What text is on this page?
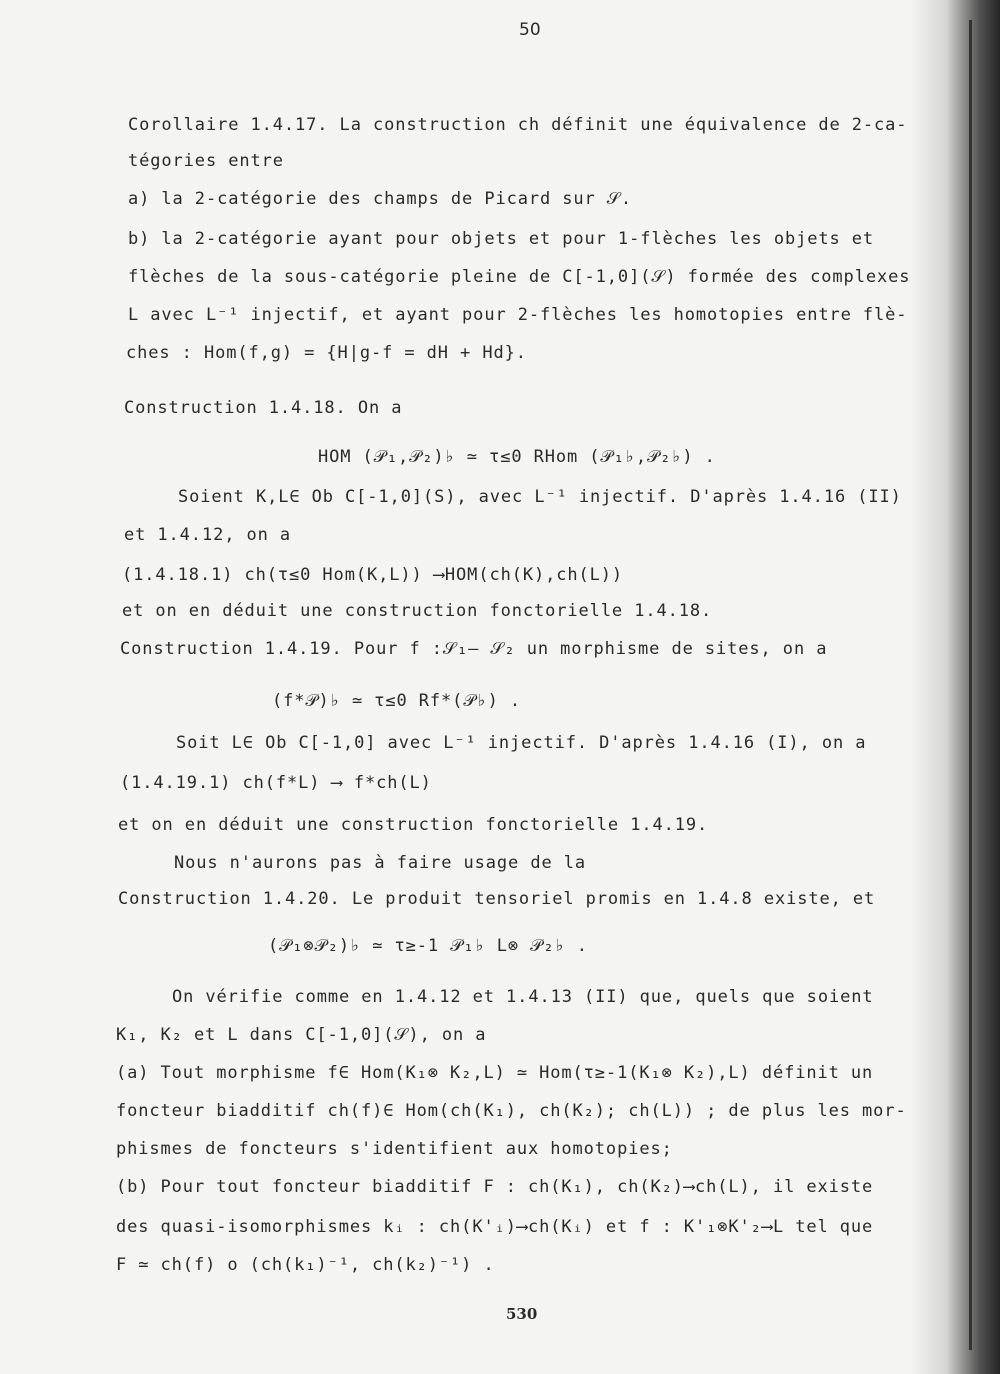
50
Corollaire 1.4.17. La construction ch définit une équivalence de 2-ca-
tégories entre
a) la 2-catégorie des champs de Picard sur 𝒮.
b) la 2-catégorie ayant pour objets et pour 1-flèches les objets et
flèches de la sous-catégorie pleine de C[-1,0](𝒮) formée des complexes
L avec L⁻¹ injectif, et ayant pour 2-flèches les homotopies entre flè-
ches : Hom(f,g) = {H|g-f = dH + Hd}.
Construction 1.4.18. On a
HOM (𝒫₁,𝒫₂)♭ ≃ τ≤0 RHom (𝒫₁♭,𝒫₂♭) .
Soient K,L∈ Ob C[-1,0](S), avec L⁻¹ injectif. D'après 1.4.16 (II)
et 1.4.12, on a
(1.4.18.1) ch(τ≤0 Hom(K,L)) ⟶HOM(ch(K),ch(L))
et on en déduit une construction fonctorielle 1.4.18.
Construction 1.4.19. Pour f :𝒮₁— 𝒮₂ un morphisme de sites, on a
(f*𝒫)♭ ≃ τ≤0 Rf*(𝒫♭) .
Soit L∈ Ob C[-1,0] avec L⁻¹ injectif. D'après 1.4.16 (I), on a
(1.4.19.1) ch(f*L) ⟶ f*ch(L)
et on en déduit une construction fonctorielle 1.4.19.
Nous n'aurons pas à faire usage de la
Construction 1.4.20. Le produit tensoriel promis en 1.4.8 existe, et
(𝒫₁⊗𝒫₂)♭ ≃ τ≥-1 𝒫₁♭ L⊗ 𝒫₂♭ .
On vérifie comme en 1.4.12 et 1.4.13 (II) que, quels que soient
K₁, K₂ et L dans C[-1,0](𝒮), on a
(a) Tout morphisme f∈ Hom(K₁⊗ K₂,L) ≃ Hom(τ≥-1(K₁⊗ K₂),L) définit un
foncteur biadditif ch(f)∈ Hom(ch(K₁), ch(K₂); ch(L)) ; de plus les mor-
phismes de foncteurs s'identifient aux homotopies;
(b) Pour tout foncteur biadditif F : ch(K₁), ch(K₂)⟶ch(L), il existe
des quasi-isomorphismes kᵢ : ch(K'ᵢ)⟶ch(Kᵢ) et f : K'₁⊗K'₂⟶L tel que
F ≃ ch(f) o (ch(k₁)⁻¹, ch(k₂)⁻¹) .
530
